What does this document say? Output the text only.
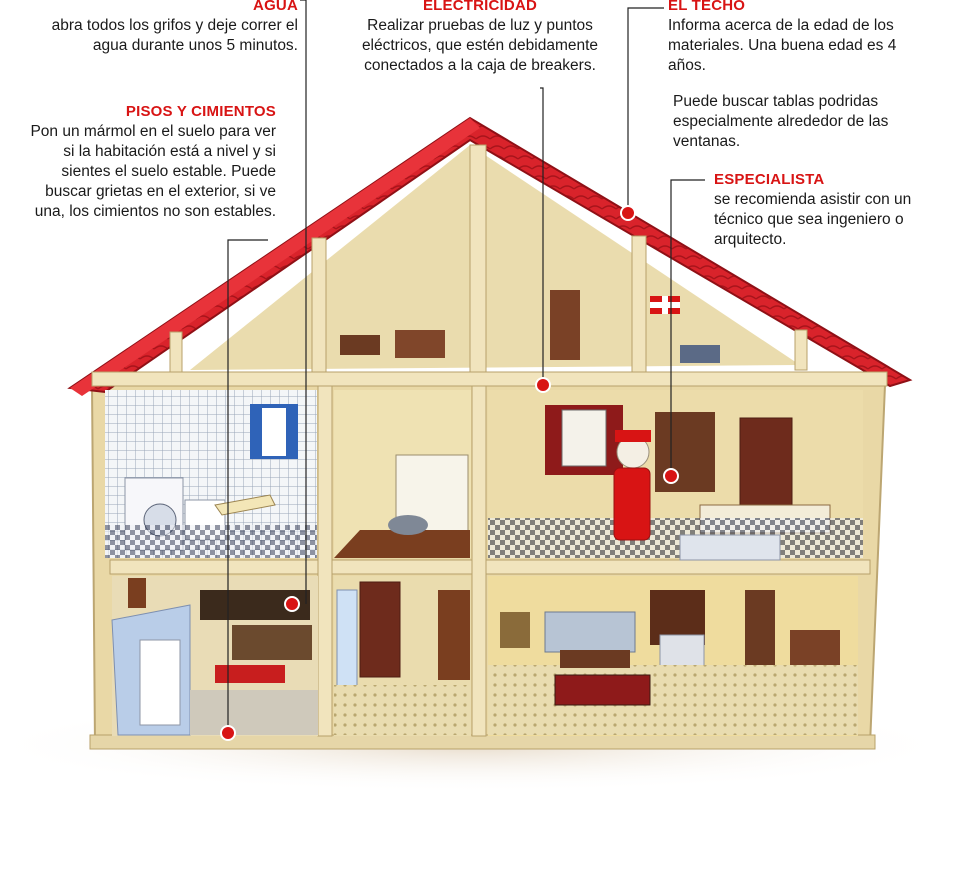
AGUA
abra todos los grifos y deje correr el agua durante unos 5 minutos.
ELECTRICIDAD
Realizar pruebas de luz y puntos eléctricos, que estén debidamente conectados a la caja de breakers.
EL TECHO
Informa acerca de la edad de los materiales. Una buena edad es 4 años.
Puede buscar tablas podridas especialmente alrededor de las ventanas.
PISOS Y CIMIENTOS
Pon un mármol en el suelo para ver si la habitación está a nivel y si sientes el suelo estable. Puede buscar grietas en el exterior, si ve una, los cimientos no son estables.
ESPECIALISTA
se recomienda asistir con un técnico que sea ingeniero o arquitecto.
